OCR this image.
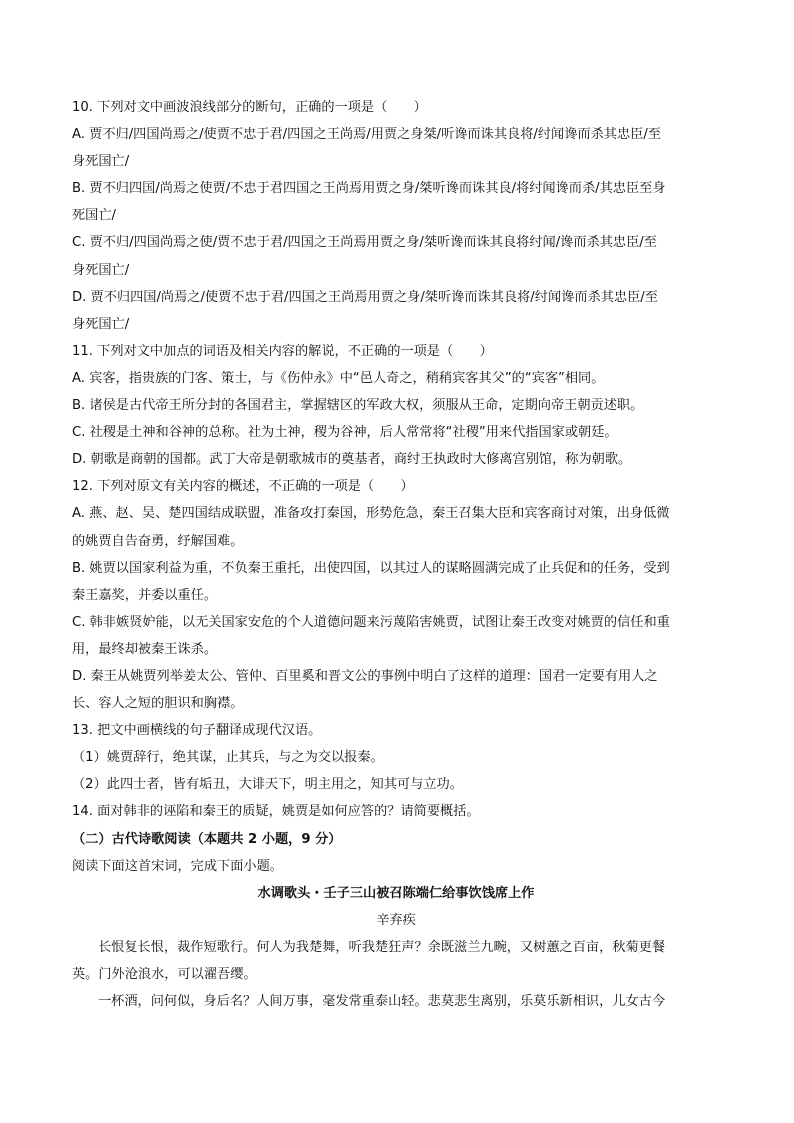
10. 下列对文中画波浪线部分的断句，正确的一项是（　　）
A. 贾不归/四国尚焉之/使贾不忠于君/四国之王尚焉/用贾之身桀/听谗而诛其良将/纣闻谗而杀其忠臣/至
身死国亡/
B. 贾不归四国/尚焉之使贾/不忠于君四国之王尚焉用贾之身/桀听谗而诛其良/将纣闻谗而杀/其忠臣至身
死国亡/
C. 贾不归/四国尚焉之使/贾不忠于君/四国之王尚焉用贾之身/桀听谗而诛其良将纣闻/谗而杀其忠臣/至
身死国亡/
D. 贾不归四国/尚焉之/使贾不忠于君/四国之王尚焉用贾之身/桀听谗而诛其良将/纣闻谗而杀其忠臣/至
身死国亡/
11. 下列对文中加点的词语及相关内容的解说，不正确的一项是（　　）
A. 宾客，指贵族的门客、策士，与《伤仲永》中“邑人奇之，稍稍宾客其父”的“宾客”相同。
B. 诸侯是古代帝王所分封的各国君主，掌握辖区的军政大权，须服从王命，定期向帝王朝贡述职。
C. 社稷是土神和谷神的总称。社为土神，稷为谷神，后人常常将“社稷”用来代指国家或朝廷。
D. 朝歌是商朝的国都。武丁大帝是朝歌城市的奠基者，商纣王执政时大修离宫别馆，称为朝歌。
12. 下列对原文有关内容的概述，不正确的一项是（　　）
A. 燕、赵、吴、楚四国结成联盟，准备攻打秦国，形势危急，秦王召集大臣和宾客商讨对策，出身低微
的姚贾自告奋勇，纾解国难。
B. 姚贾以国家利益为重，不负秦王重托，出使四国，以其过人的谋略圆满完成了止兵促和的任务，受到
秦王嘉奖，并委以重任。
C. 韩非嫉贤妒能，以无关国家安危的个人道德问题来污蔑陷害姚贾，试图让秦王改变对姚贾的信任和重
用，最终却被秦王诛杀。
D. 秦王从姚贾列举姜太公、管仲、百里奚和晋文公的事例中明白了这样的道理：国君一定要有用人之
长、容人之短的胆识和胸襟。
13. 把文中画横线的句子翻译成现代汉语。
（1）姚贾辞行，绝其谋，止其兵，与之为交以报秦。
（2）此四士者，皆有垢丑，大诽天下，明主用之，知其可与立功。
14. 面对韩非的诬陷和秦王的质疑，姚贾是如何应答的？请简要概括。
（二）古代诗歌阅读（本题共 2 小题，9 分）
阅读下面这首宋词，完成下面小题。
水调歌头・壬子三山被召陈端仁给事饮饯席上作
辛弃疾
长恨复长恨，裁作短歌行。何人为我楚舞，听我楚狂声？余既滋兰九畹，又树蕙之百亩，秋菊更餐
英。门外沧浪水，可以濯吾缨。
一杯酒，问何似，身后名？人间万事，毫发常重泰山轻。悲莫悲生离别，乐莫乐新相识，儿女古今
